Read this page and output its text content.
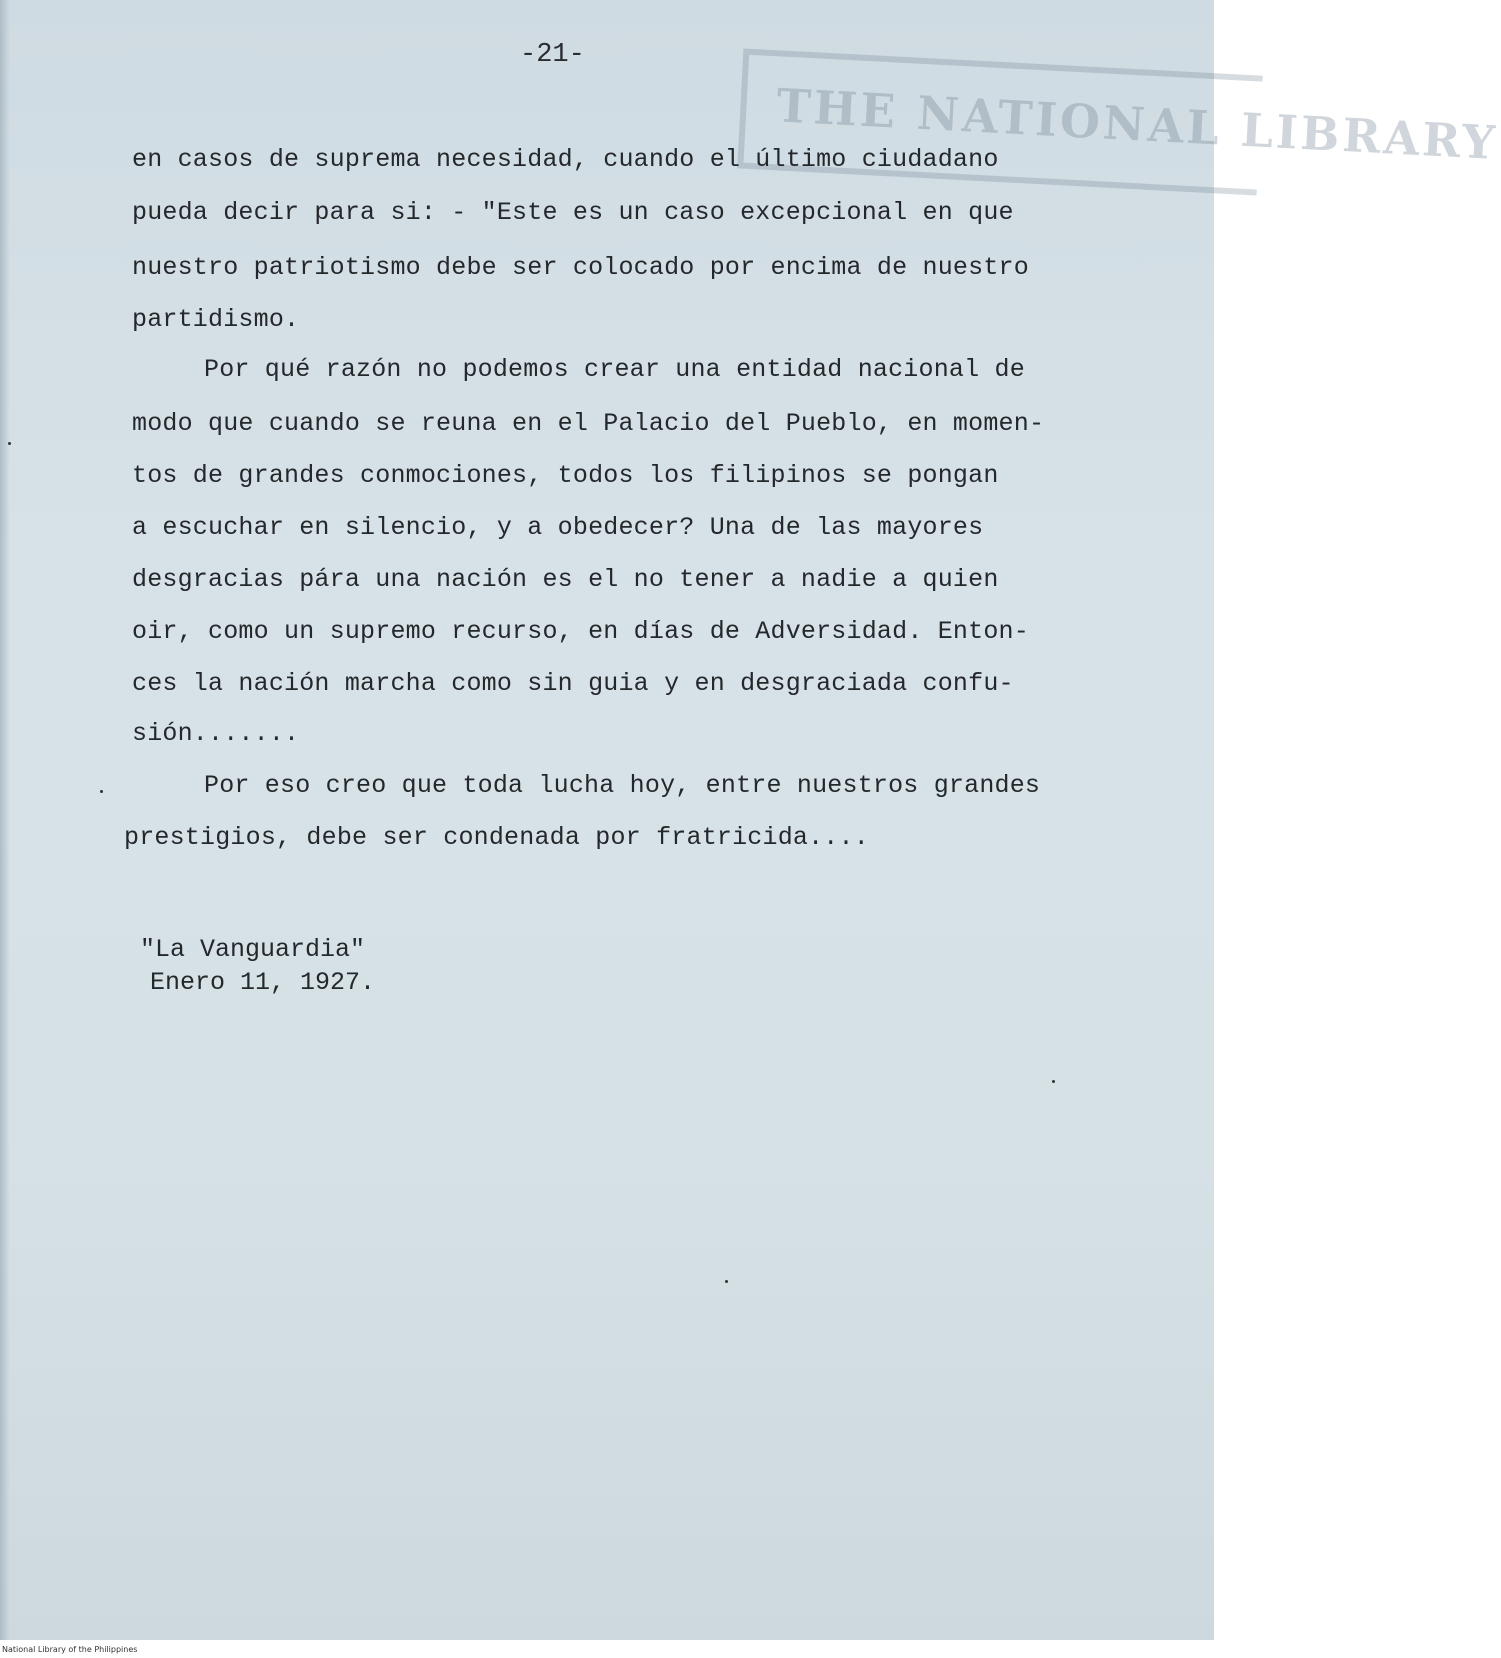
THE NATIONAL LIBRARY
-21-
en casos de suprema necesidad, cuando el último ciudadano
pueda decir para si: - "Este es un caso excepcional en que
nuestro patriotismo debe ser colocado por encima de nuestro
partidismo.
Por qué razón no podemos crear una entidad nacional de
modo que cuando se reuna en el Palacio del Pueblo, en momen-
tos de grandes conmociones, todos los filipinos se pongan
a escuchar en silencio, y a obedecer? Una de las mayores
desgracias pára una nación es el no tener a nadie a quien
oir, como un supremo recurso, en días de Adversidad. Enton-
ces la nación marcha como sin guia y en desgraciada confu-
sión.......
Por eso creo que toda lucha hoy, entre nuestros grandes
prestigios, debe ser condenada por fratricida....
"La Vanguardia"
Enero 11, 1927.
National Library of the Philippines
